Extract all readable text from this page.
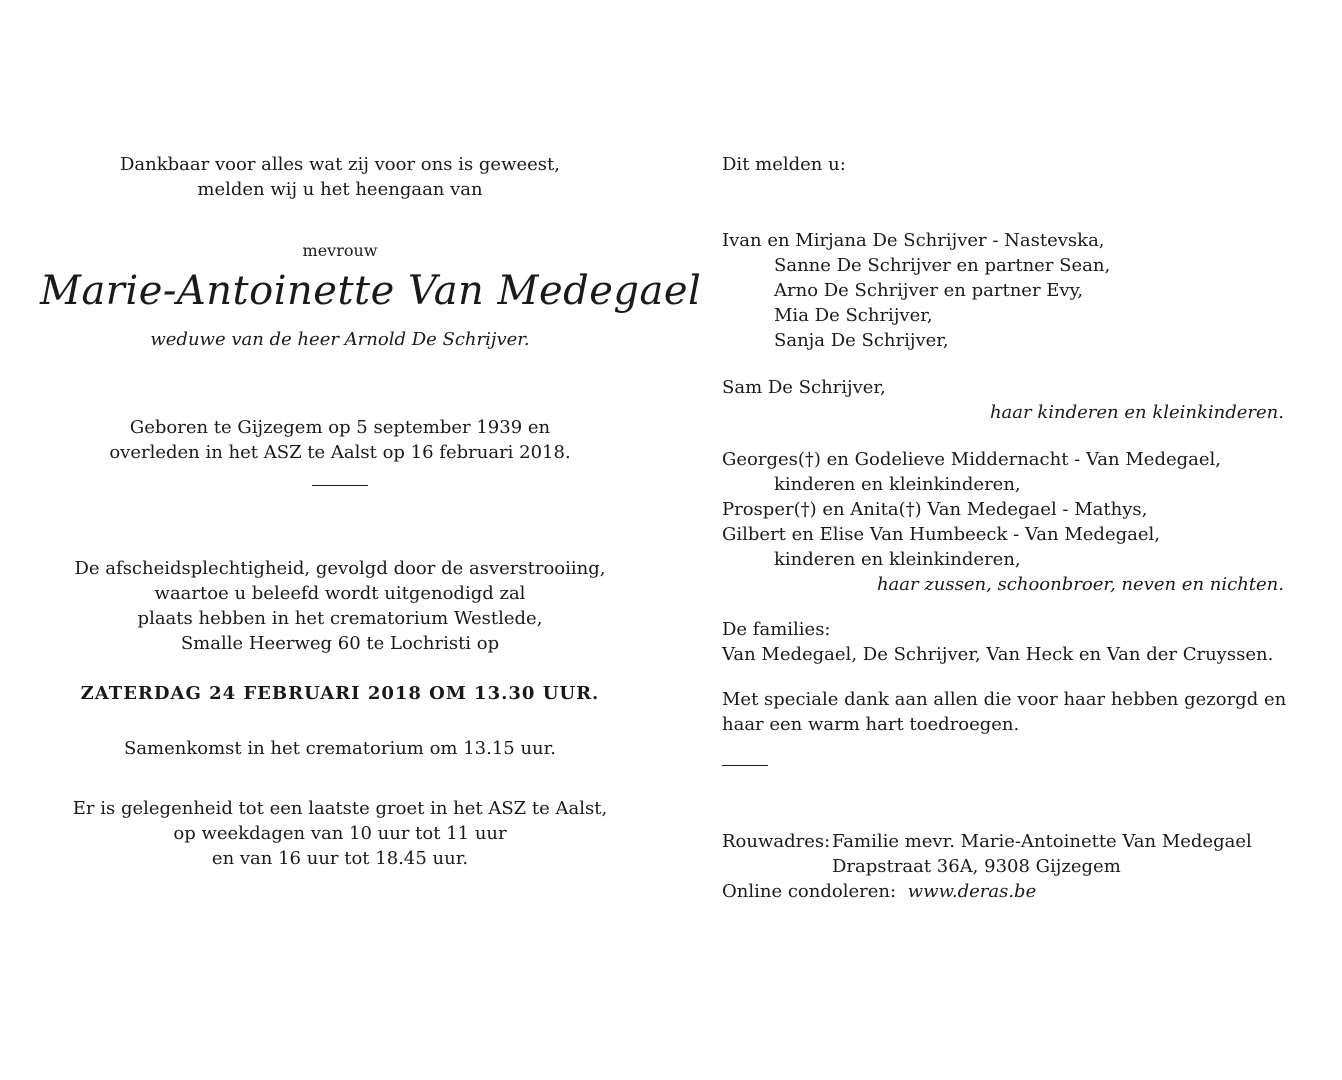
Dankbaar voor alles wat zij voor ons is geweest,
melden wij u het heengaan van
mevrouw
Marie-Antoinette Van Medegael
weduwe van de heer Arnold De Schrijver.
Geboren te Gijzegem op 5 september 1939 en
overleden in het ASZ te Aalst op 16 februari 2018.
De afscheidsplechtigheid, gevolgd door de asverstrooiing,
waartoe u beleefd wordt uitgenodigd zal
plaats hebben in het crematorium Westlede,
Smalle Heerweg 60 te Lochristi op
ZATERDAG 24 FEBRUARI 2018 OM 13.30 UUR.
Samenkomst in het crematorium om 13.15 uur.
Er is gelegenheid tot een laatste groet in het ASZ te Aalst,
op weekdagen van 10 uur tot 11 uur
en van 16 uur tot 18.45 uur.
Dit melden u:
Ivan en Mirjana De Schrijver - Nastevska,
Sanne De Schrijver en partner Sean,
Arno De Schrijver en partner Evy,
Mia De Schrijver,
Sanja De Schrijver,
Sam De Schrijver,
haar kinderen en kleinkinderen.
Georges(†) en Godelieve Middernacht - Van Medegael,
kinderen en kleinkinderen,
Prosper(†) en Anita(†) Van Medegael - Mathys,
Gilbert en Elise Van Humbeeck - Van Medegael,
kinderen en kleinkinderen,
haar zussen, schoonbroer, neven en nichten.
De families:
Van Medegael, De Schrijver, Van Heck en Van der Cruyssen.
Met speciale dank aan allen die voor haar hebben gezorgd en
haar een warm hart toedroegen.
Rouwadres: Familie mevr. Marie-Antoinette Van Medegael
Drapstraat 36A, 9308 Gijzegem
Online condoleren: www.deras.be
